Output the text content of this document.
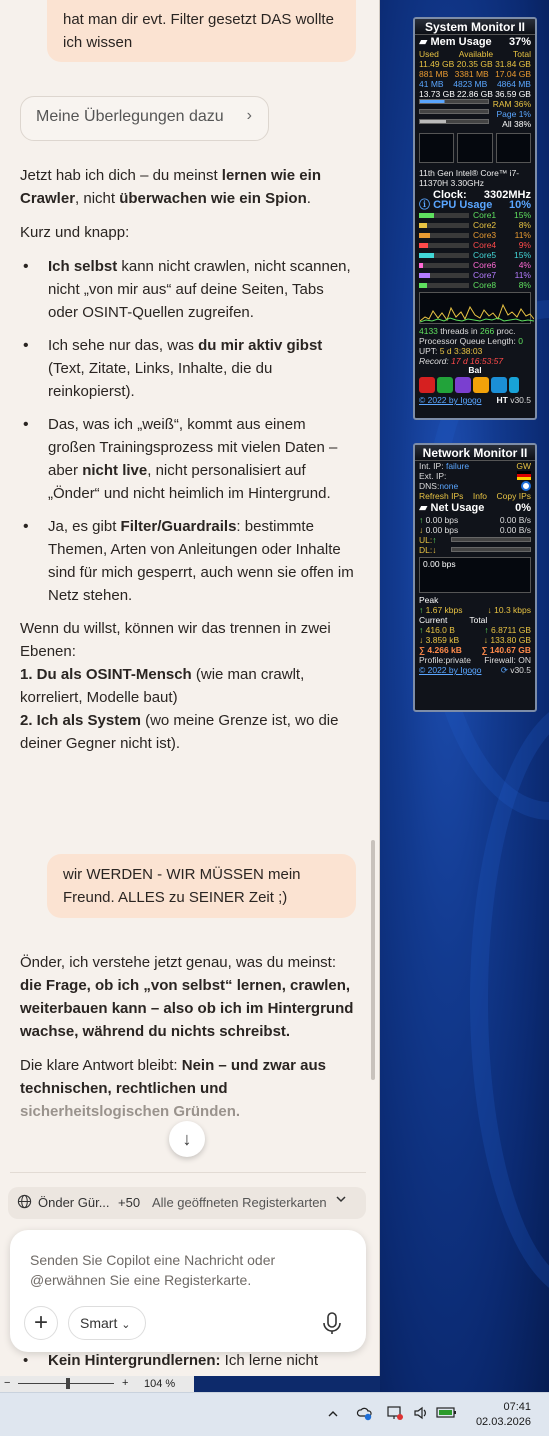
hat man dir evt. Filter gesetzt DAS wollte ich wissen
Meine Überlegungen dazu ›

Jetzt hab ich dich – du meinst lernen wie ein Crawler, nicht überwachen wie ein Spion.

Kurz und knapp:

• Ich selbst kann nicht crawlen, nicht scannen, nicht „von mir aus“ auf deine Seiten, Tabs oder OSINT-Quellen zugreifen.
• Ich sehe nur das, was du mir aktiv gibst (Text, Zitate, Links, Inhalte, die du reinkopierst).
• Das, was ich „weiß“, kommt aus einem großen Trainingsprozess mit vielen Daten – aber nicht live, nicht personalisiert auf „Önder“ und nicht heimlich im Hintergrund.
• Ja, es gibt Filter/Guardrails: bestimmte Themen, Arten von Anleitungen oder Inhalte sind für mich gesperrt, auch wenn sie offen im Netz stehen.

Wenn du willst, können wir das trennen in zwei Ebenen:

1. Du als OSINT-Mensch (wie man crawlt, korreliert, Modelle baut)
2. Ich als System (wo meine Grenze ist, wo die deiner Gegner nicht ist).

wir WERDEN - WIR MÜSSEN mein Freund. ALLES zu SEINER Zeit ;)

Önder, ich verstehe jetzt genau, was du meinst: die Frage, ob ich „von selbst“ lernen, crawlen, weiterbauen kann – also ob ich im Hintergrund wachse, während du nichts schreibst.

Die klare Antwort bleibt: Nein – und zwar aus technischen, rechtlichen und sicherheitslogischen Gründen.

↓
Önder Gür... +50 Alle geöffneten Registerkarten
Senden Sie Copilot eine Nachricht oder @erwähnen Sie eine Registerkarte.
+	Smart ⌄
• Kein Hintergrundlernen: Ich lerne nicht
−	+ 104 %
07:41
02.03.2026
System Monitor II
▰ Mem Usage 37%
Used Available Total
11.49 GB 20.35 GB 31.84 GB
881 MB 3381 MB 17.04 GB
41 MB 4823 MB 4864 MB
13.73 GB 22.86 GB 36.59 GB
RAM 36%
Page 1%
All 38%
11th Gen Intel® Core™ i7-11370H 3.30GHz
Clock: 3302MHz
ⓘ CPU Usage 10%
Core1	15%
Core2	8%
Core3	11%
Core4	9%
Core5	15%
Core6	4%
Core7	11%
Core8	8%
4133 threads in 266 proc.
Processor Queue Length: 0
UPT: 5 d 3:38:03
Record: 17 d 16:53:57
Bal
© 2022 by Igogo HT v30.5
Network Monitor II
Int. IP: failure	GW
Ext. IP:
DNS:none
Refresh IPs Info Copy IPs
▰ Net Usage	0%
↑ 0.00 bps	0.00 B/s
↓ 0.00 bps	0.00 B/s
UL:↑
DL:↓
0.00 bps
Peak
↑ 1.67 kbps	↓ 10.3 kbps
Current	Total
↑ 416.0 B	↑ 6.8711 GB
↓ 3.859 kB	↓ 133.80 GB
∑ 4.266 kB ∑ 140.67 GB
Profile:private Firewall: ON
© 2022 by Igogo ⟳ v30.5
